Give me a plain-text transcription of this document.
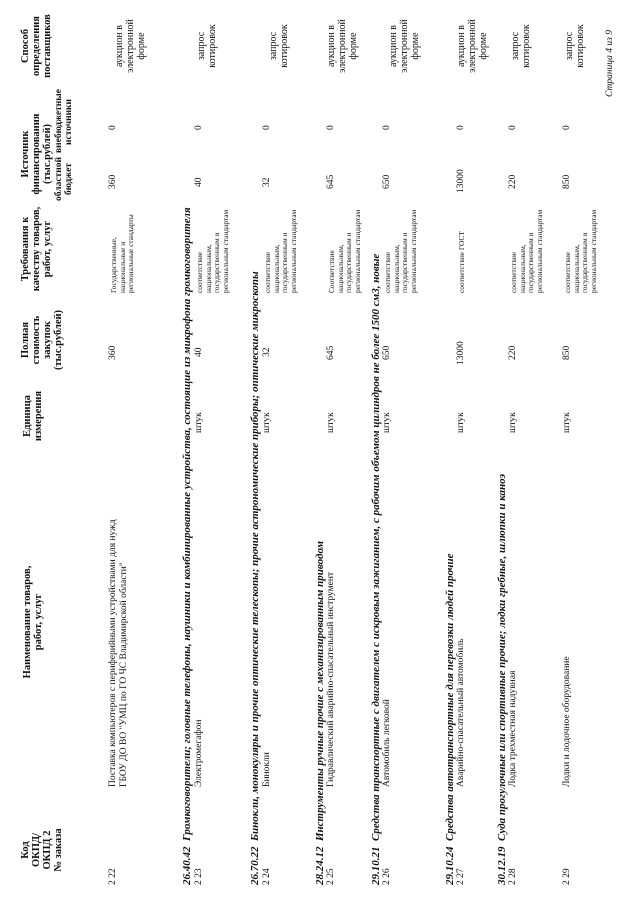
Код ОКПД/ ОКПД 2 № заказа
Наименование товаров, работ, услуг
Единица измерения
Полная стоимость закупок (тыс.рублей)
Требования к качеству товаров, работ, услуг
Источник финансирования (тыс.рублей) областной бюджет
внебюджетные источники
Способ определения поставщиков
2 22
Поставка компьютеров с периферийными устройствами для нужд ГБОУ ДО ВО "УМЦ по ГО ЧС Владимирской области"
360
Государственные, национальные и региональные стандарты
360
0
аукцион в электронной форме
26.40.42  Громкоговорители; головные телефоны, наушники и комбинированные устройства, состоящие из микрофона громкоговорителя
2 23
Электромегафон
штук
40
соответствие национальным, государственным и региональным стандартам
40
0
запрос котировок
26.70.22  Бинокли, монокуляры и прочие оптические телескопы; прочие астрономические приборы; оптические микроскопы
2 24
Бинокли
штук
32
соответствие национальным, государственным и региональным стандартам
32
0
запрос котировок
28.24.12  Инструменты ручные прочие с механизированным приводом
2 25
Гидравлический аварийно-спасательный инструмент
штук
645
Соответствие национальным, государственным и региональным стандартам
645
0
аукцион в электронной форме
29.10.21  Средства транспортные с двигателем с искровым зажиганием, с рабочим объемом цилиндров не более 1500 см3, новые
2 26
Автомобиль легковой
штук
650
соответствие национальным, государственным и региональным стандартам
650
0
аукцион в электронной форме
29.10.24  Средства автотранспортные для перевозки людей прочие
2 27
Аварийно-спасательный автомобиль
штук
13000
соответствие ГОСТ
13000
0
аукцион в электронной форме
30.12.19  Суда прогулочные или спортивные прочие; лодки гребные, шлюпки и каноэ
2 28
Лодка трехместная надувная
штук
220
соответствие национальным, государственным и региональным стандартам
220
0
запрос котировок
2 29
Лодки и лодочное оборудование
штук
850
соответствие национальным, государственным и региональным стандартам
850
0
запрос котировок Страница 4 из 9
